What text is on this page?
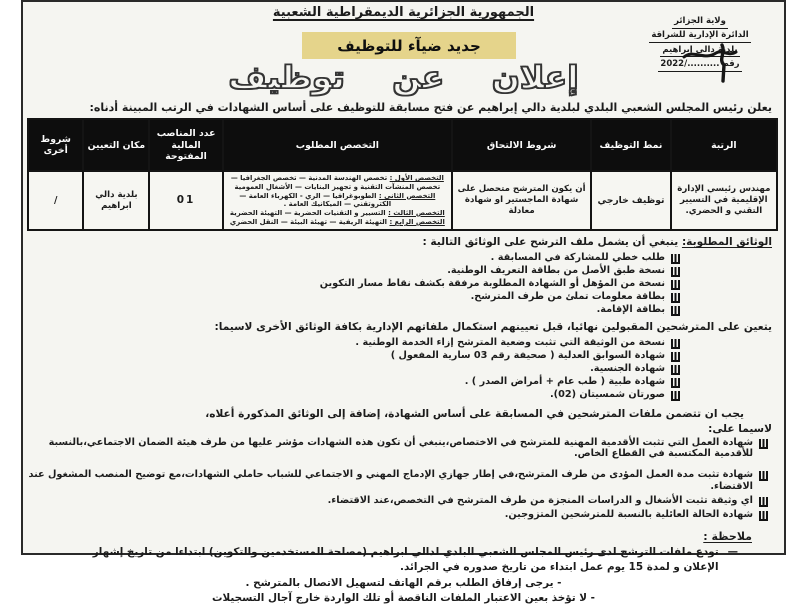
الجمهورية الجزائرية الديمقراطية الشعبية
ولاية الجزائر
الدائرة الإدارية للشراقة
بلدية دالي إبراهيم
رقم ........../2022
جديد ضيآء للتوظيف
إعلان عن توظيف

يعلن رئيس المجلس الشعبي البلدي لبلدية دالي إبراهيم عن فتح مسابقة للتوظيف على أساس الشهادات في الرتب المبينة أدناه:

الرتبة	نمط التوظيف	شروط الالتحاق	التخصص المطلوب	عدد المناصب المالية المفتوحة	مكان التعيين	شروط أخرى
مهندس رئيسي الإدارة الإقليمية في التسيير التقني و الحضري.	توظيف خارجي	أن يكون المترشح متحصل على شهادة الماجستير او شهادة معادلة	التخصص الأول : تخصص الهندسة المدنية — تخصص الجغرافيا — تخصص المنشآت التقنية و تجهيز البنايات — الأشغال العمومية
التخصص الثاني : الطوبوغرافيا — الري - الكهرباء العامة — الكتروتقني — الميكانيك العامة .
التخصص الثالث : التسيير و التقنيات الحضرية — التهيئة الحضرية
التخصص الرابع : التهيئة الريفية — تهيئة البيئة — النقل الحضري	01	بلدية دالي ابراهيم	/

الوثائق المطلوبة: ينبغي أن يشمل ملف الترشح على الوثائق التالية :

طلب خطي للمشاركة في المسابقة .
نسخة طبق الأصل من بطاقة التعريف الوطنية.
نسخة من المؤهل أو الشهادة المطلوبة مرفقة بكشف نقاط مسار التكوين
بطاقة معلومات تملئ من طرف المترشح.
بطاقة الإقامة.

يتعين على المترشحين المقبولين نهائيا، قبل تعيينهم استكمال ملفاتهم الإدارية بكافة الوثائق الأخرى لاسيما:

نسخة من الوثيقة التي تثبت وضعية المترشح إزاء الخدمة الوطنية .
شهادة السوابق العدلية ( صحيفة رقم 03 سارية المفعول )
شهادة الجنسية.
شهادة طبية ( طب عام + أمراض الصدر ) .
صورتان شمسيتان (02).

يجب ان تتضمن ملفات المترشحين في المسابقة على أساس الشهادة، إضافة إلى الوثائق المذكورة أعلاه،

لاسيما على:

شهادة العمل التي تثبت الأقدمية المهنية للمترشح في الاختصاص،ينبغي أن تكون هذه الشهادات مؤشر عليها من طرف هيئة الضمان الاجتماعي،بالنسبة للأقدمية المكتسبة في القطاع الخاص.
شهادة تثبت مدة العمل المؤدى من طرف المترشح،في إطار جهازي الإدماج المهني و الاجتماعي للشباب حاملي الشهادات،مع توضيح المنصب المشغول عند الاقتضاء.
اي وثيقة تثبت الأشغال و الدراسات المنجزة من طرف المترشح في التخصص،عند الاقتضاء.
شهادة الحالة العائلية بالنسبة للمترشحين المتزوجين.
ملاحظة :
—
تودع ملفات الترشح لدى رئيس المجلس الشعبي البلدي لدالي ابراهيم (مصلحة المستخدمين والتكوين) ابتداءا من تاريخ إشهار الإعلان و لمدة 15 يوم عمل ابتداء من تاريخ صدوره في الجرائد.

- يرجى إرفاق الطلب برقم الهاتف لتسهيل الاتصال بالمترشح .

- لا تؤخذ بعين الاعتبار الملفات الناقصة أو تلك الواردة خارج آجال التسجيلات
